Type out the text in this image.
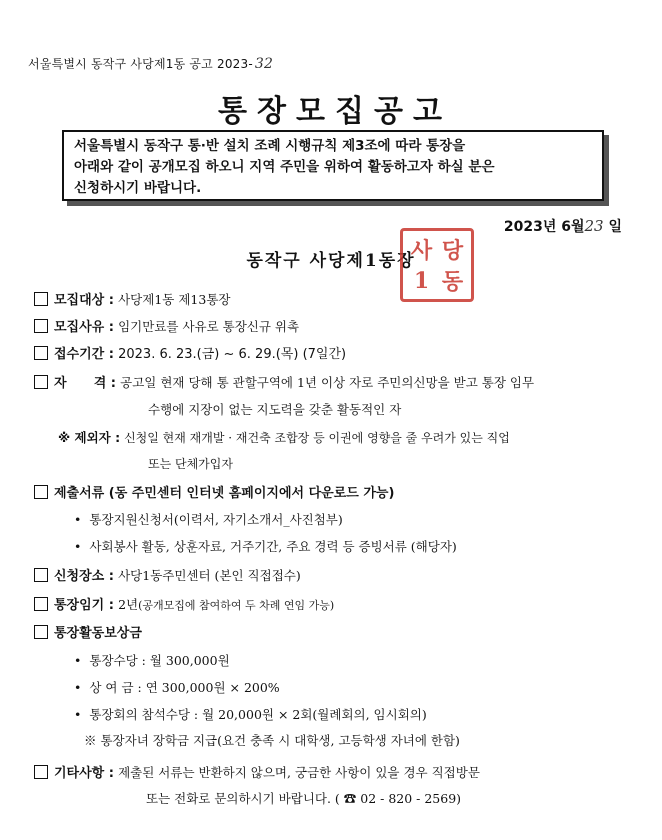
서울특별시 동작구 사당제1동 공고 2023- 32
통장모집공고
서울특별시 동작구 통·반 설치 조례 시행규칙 제3조에 따라 통장을
아래와 같이 공개모집 하오니 지역 주민을 위하여 활동하고자 하실 분은
신청하시기 바랍니다.
2023년 6월23 일
동작구 사당제1동장
사 당
1 동
모집대상 : 사당제1동 제13통장
모집사유 : 임기만료를 사유로 통장신규 위촉
접수기간 : 2023. 6. 23.(금) ~ 6. 29.(목) (7일간)
자      격 : 공고일 현재 당해 통 관할구역에 1년 이상 자로 주민의신망을 받고 통장 임무
수행에 지장이 없는 지도력을 갖춘 활동적인 자
※ 제외자 : 신청일 현재 재개발 · 재건축 조합장 등 이권에 영향을 줄 우려가 있는 직업
또는 단체가입자
제출서류 (동 주민센터 인터넷 홈페이지에서 다운로드 가능)
• 통장지원신청서(이력서, 자기소개서_사진첨부)
• 사회봉사 활동, 상훈자료, 거주기간, 주요 경력 등 증빙서류 (해당자)
신청장소 : 사당1동주민센터 (본인 직접접수)
통장임기 : 2년(공개모집에 참여하여 두 차례 연임 가능)
통장활동보상금
• 통장수당 : 월 300,000원
• 상 여 금 : 연 300,000원 × 200%
• 통장회의 참석수당 : 월 20,000원 × 2회(월례회의, 임시회의)
※ 통장자녀 장학금 지급(요건 충족 시 대학생, 고등학생 자녀에 한함)
기타사항 : 제출된 서류는 반환하지 않으며, 궁금한 사항이 있을 경우 직접방문
또는 전화로 문의하시기 바랍니다. ( ☎ 02 - 820 - 2569)
